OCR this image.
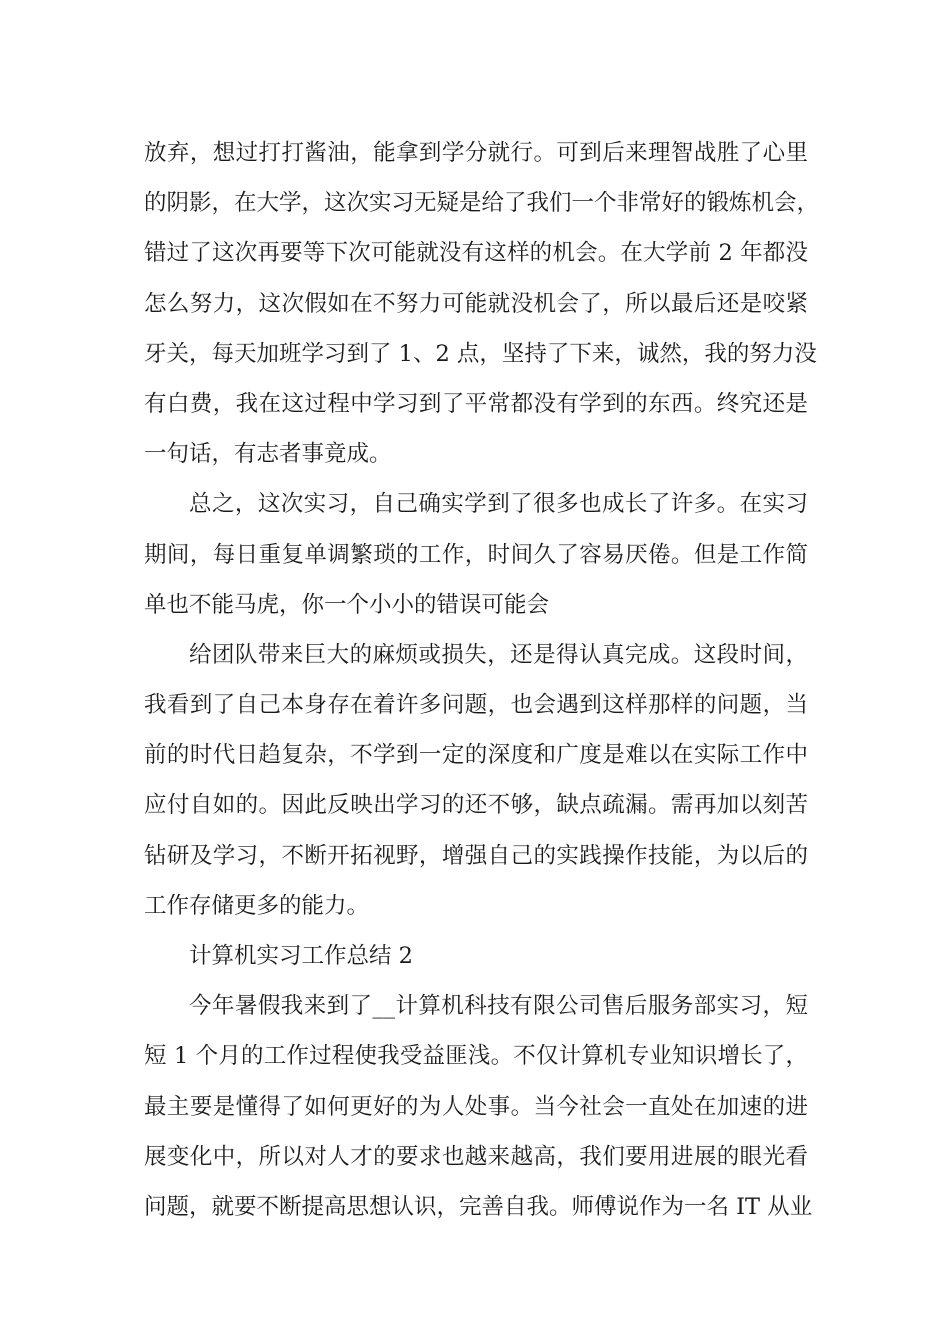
放弃，想过打打酱油，能拿到学分就行。可到后来理智战胜了心里
的阴影，在大学，这次实习无疑是给了我们一个非常好的锻炼机会，
错过了这次再要等下次可能就没有这样的机会。在大学前 2 年都没
怎么努力，这次假如在不努力可能就没机会了，所以最后还是咬紧
牙关，每天加班学习到了 1、2 点，坚持了下来，诚然，我的努力没
有白费，我在这过程中学习到了平常都没有学到的东西。终究还是
一句话，有志者事竟成。
总之，这次实习，自己确实学到了很多也成长了许多。在实习
期间，每日重复单调繁琐的工作，时间久了容易厌倦。但是工作简
单也不能马虎，你一个小小的错误可能会
给团队带来巨大的麻烦或损失，还是得认真完成。这段时间，
我看到了自己本身存在着许多问题，也会遇到这样那样的问题，当
前的时代日趋复杂，不学到一定的深度和广度是难以在实际工作中
应付自如的。因此反映出学习的还不够，缺点疏漏。需再加以刻苦
钻研及学习，不断开拓视野，增强自己的实践操作技能，为以后的
工作存储更多的能力。
计算机实习工作总结 2
今年暑假我来到了__计算机科技有限公司售后服务部实习，短
短 1 个月的工作过程使我受益匪浅。不仅计算机专业知识增长了，
最主要是懂得了如何更好的为人处事。当今社会一直处在加速的进
展变化中，所以对人才的要求也越来越高，我们要用进展的眼光看
问题，就要不断提高思想认识，完善自我。师傅说作为一名 IT 从业
